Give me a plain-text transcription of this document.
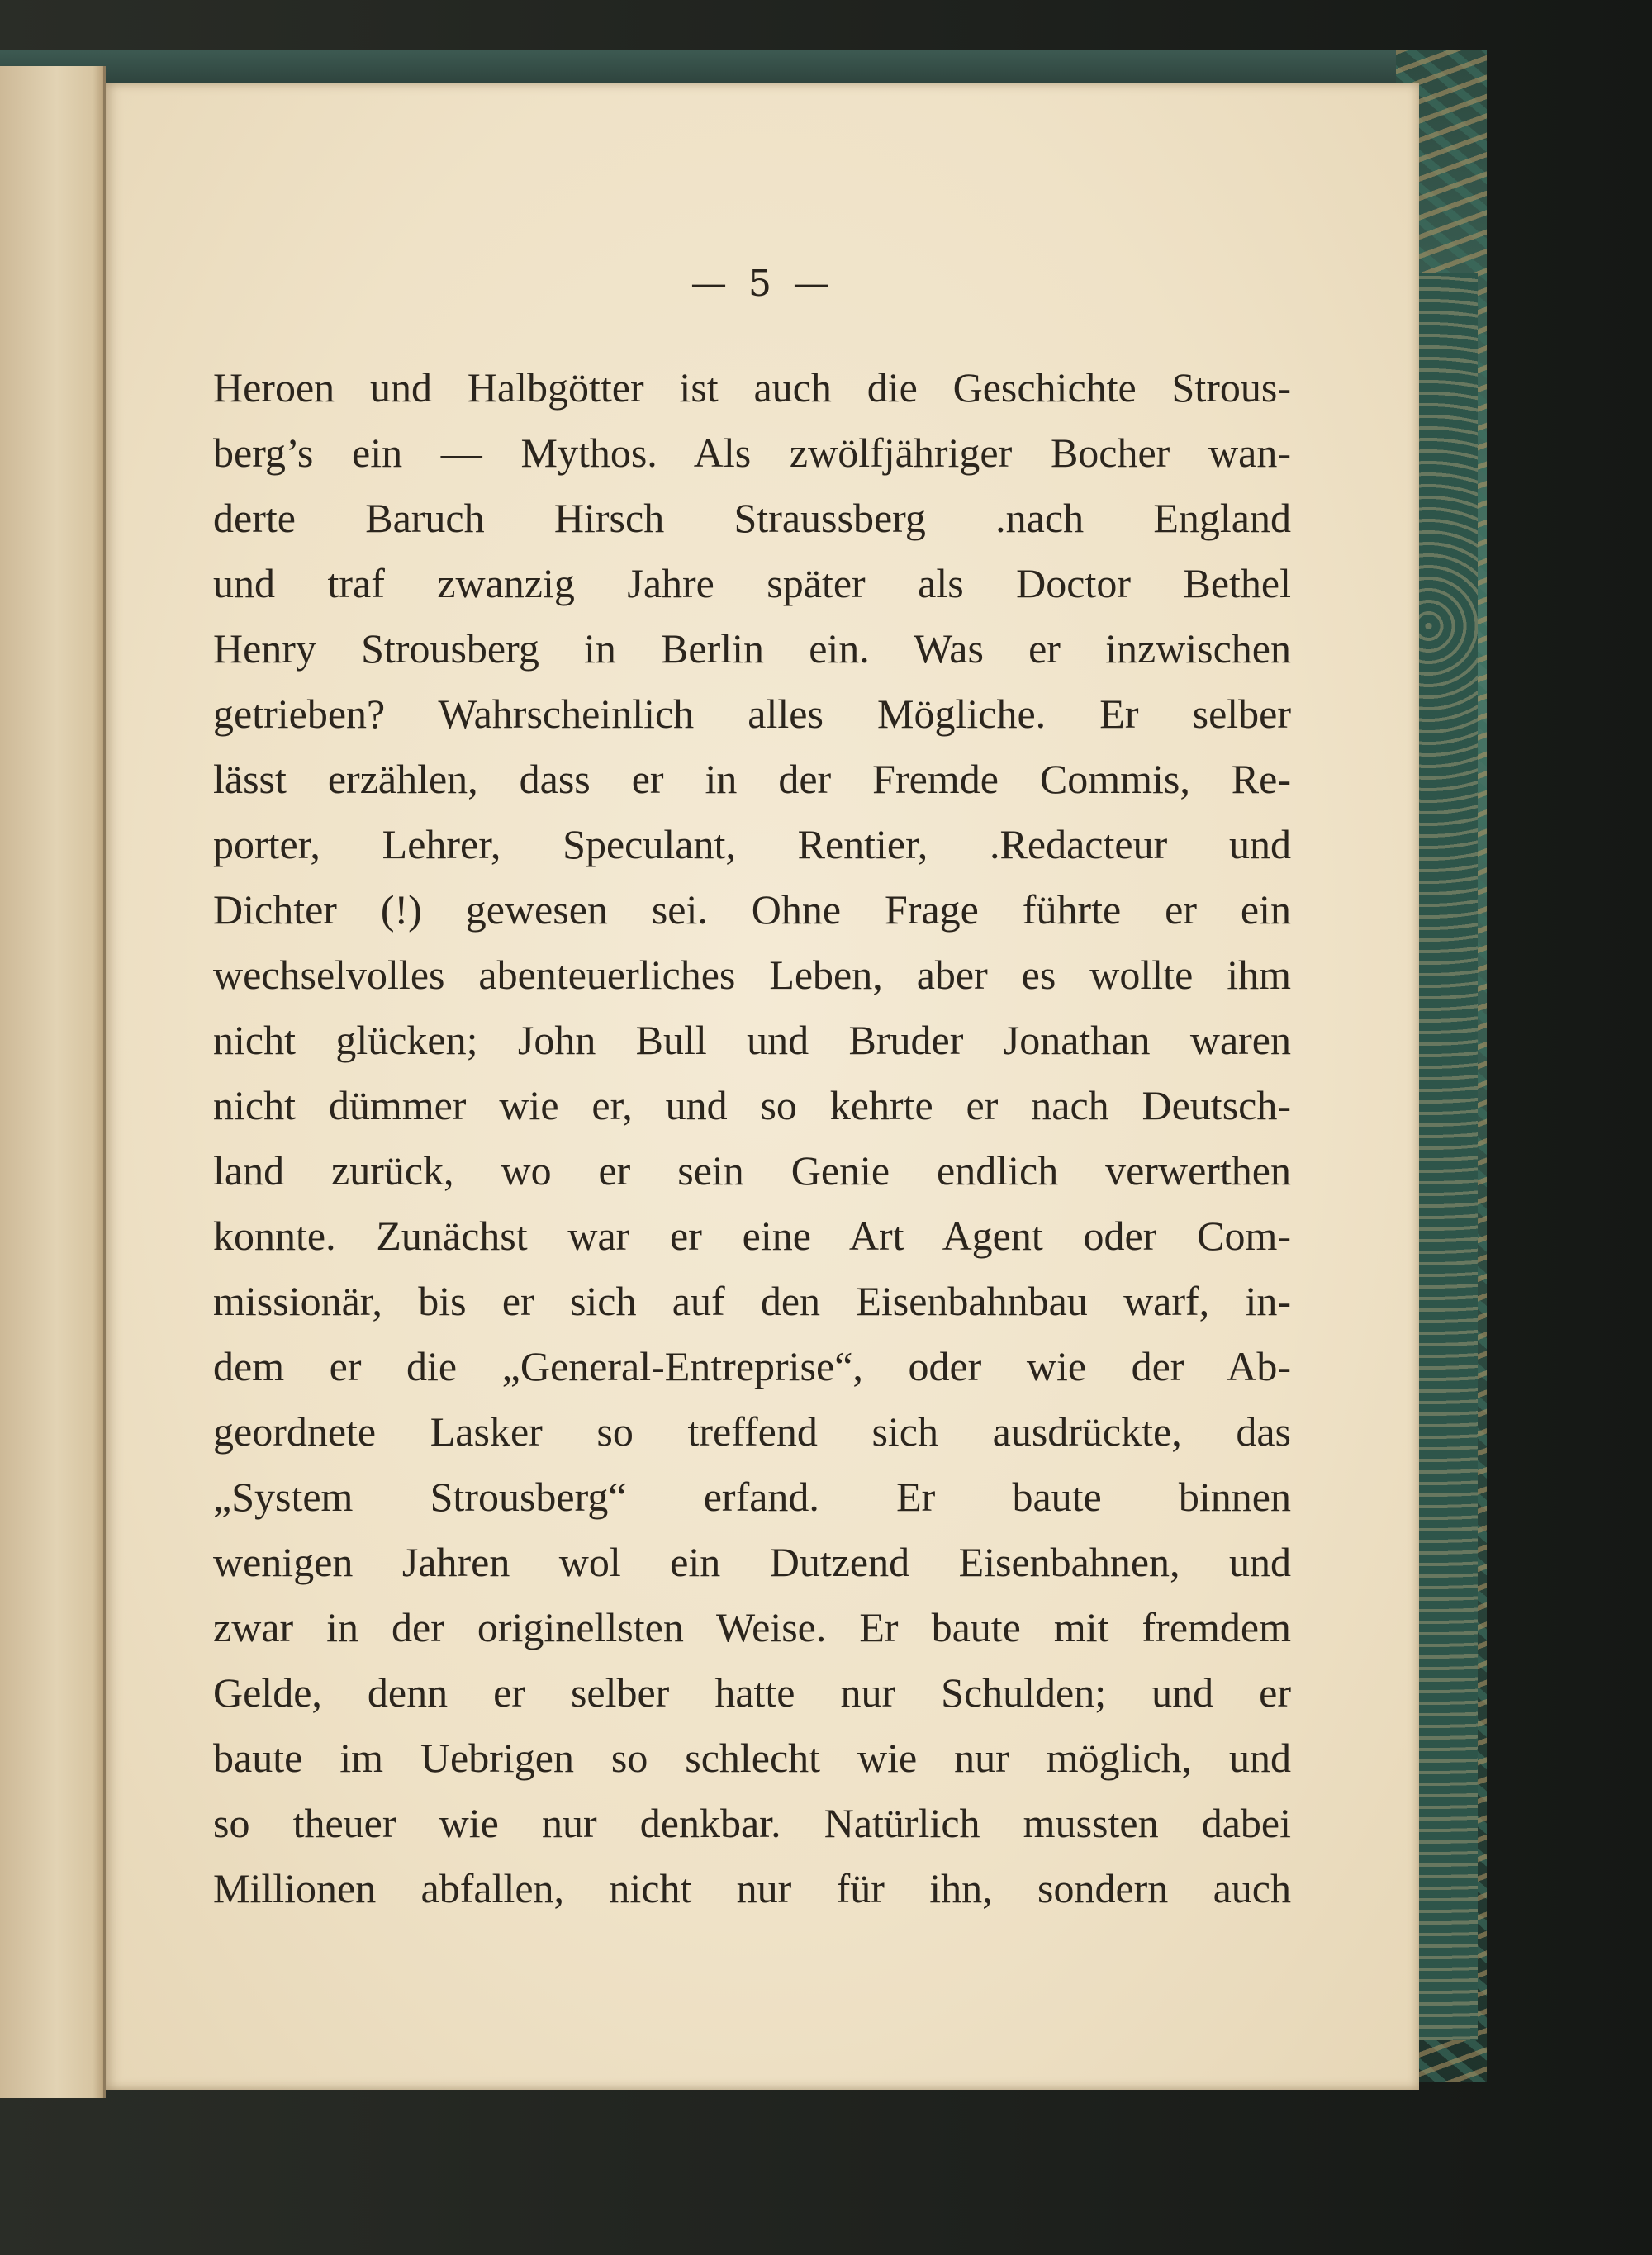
— 5 —
Heroen und Halbgötter ist auch die Geschichte Strous-
berg’s ein — Mythos. Als zwölfjähriger Bocher wan-
derte Baruch Hirsch Straussberg .nach England
und traf zwanzig Jahre später als Doctor Bethel
Henry Strousberg in Berlin ein. Was er inzwischen
getrieben? Wahrscheinlich alles Mögliche. Er selber
lässt erzählen, dass er in der Fremde Commis, Re-
porter, Lehrer, Speculant, Rentier, .Redacteur und
Dichter (!) gewesen sei. Ohne Frage führte er ein
wechselvolles abenteuerliches Leben, aber es wollte ihm
nicht glücken; John Bull und Bruder Jonathan waren
nicht dümmer wie er, und so kehrte er nach Deutsch-
land zurück, wo er sein Genie endlich verwerthen
konnte. Zunächst war er eine Art Agent oder Com-
missionär, bis er sich auf den Eisenbahnbau warf, in-
dem er die „General-Entreprise“, oder wie der Ab-
geordnete Lasker so treffend sich ausdrückte, das
„System Strousberg“ erfand. Er baute binnen
wenigen Jahren wol ein Dutzend Eisenbahnen, und
zwar in der originellsten Weise. Er baute mit fremdem
Gelde, denn er selber hatte nur Schulden; und er
baute im Uebrigen so schlecht wie nur möglich, und
so theuer wie nur denkbar. Natürlich mussten dabei
Millionen abfallen, nicht nur für ihn, sondern auch
